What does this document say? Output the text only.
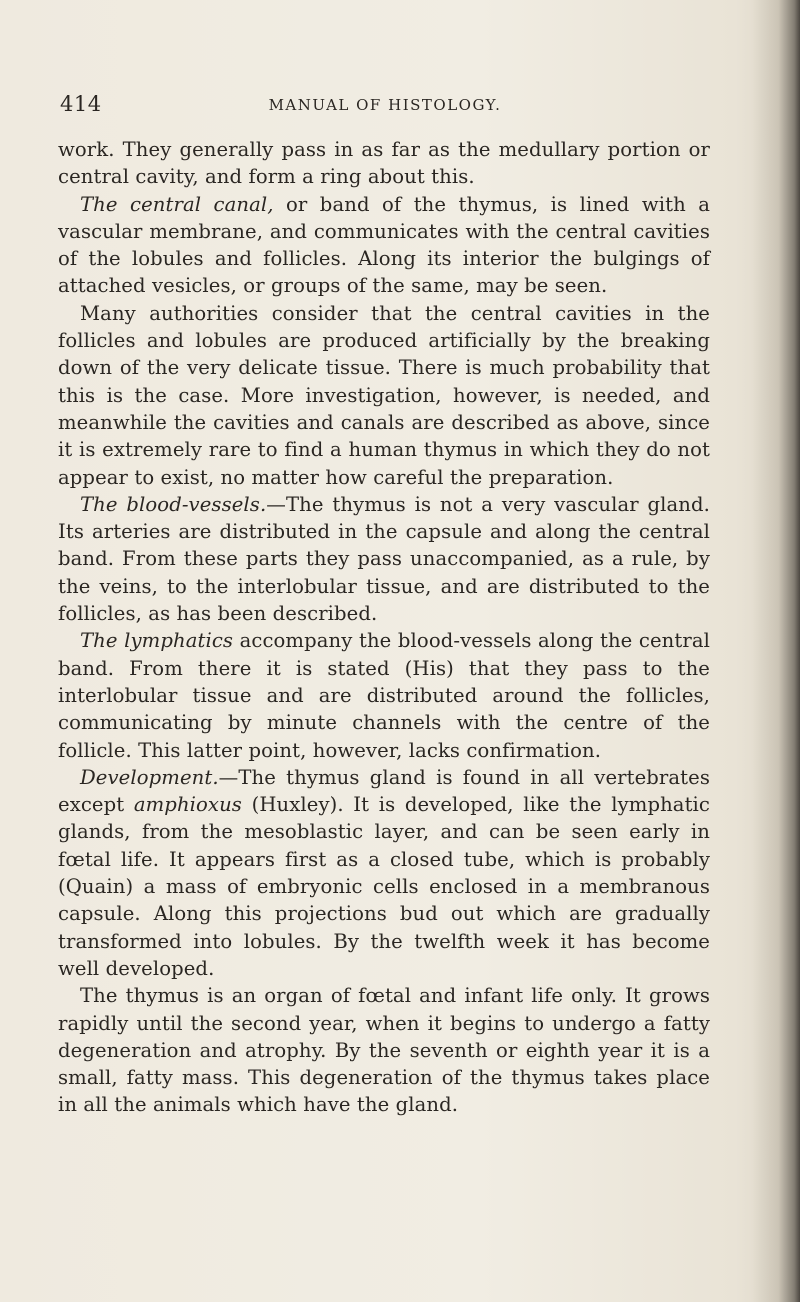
414	MANUAL OF HISTOLOGY.

work. They generally pass in as far as the medullary portion or central cavity, and form a ring about this.

The central canal, or band of the thymus, is lined with a vascular membrane, and communicates with the central cavities of the lobules and follicles. Along its interior the bulgings of attached vesicles, or groups of the same, may be seen.

Many authorities consider that the central cavities in the follicles and lobules are produced artificially by the breaking down of the very delicate tissue. There is much probability that this is the case. More investigation, however, is needed, and meanwhile the cavities and canals are described as above, since it is extremely rare to find a human thymus in which they do not appear to exist, no matter how careful the preparation.

The blood-vessels.—The thymus is not a very vascular gland. Its arteries are distributed in the capsule and along the central band. From these parts they pass unaccompanied, as a rule, by the veins, to the interlobular tissue, and are distributed to the follicles, as has been described.

The lymphatics accompany the blood-vessels along the central band. From there it is stated (His) that they pass to the interlobular tissue and are distributed around the follicles, communicating by minute channels with the centre of the follicle. This latter point, however, lacks confirmation.

Development.—The thymus gland is found in all vertebrates except amphioxus (Huxley). It is developed, like the lymphatic glands, from the mesoblastic layer, and can be seen early in fœtal life. It appears first as a closed tube, which is probably (Quain) a mass of embryonic cells enclosed in a membranous capsule. Along this projections bud out which are gradually transformed into lobules. By the twelfth week it has become well developed.

The thymus is an organ of fœtal and infant life only. It grows rapidly until the second year, when it begins to undergo a fatty degeneration and atrophy. By the seventh or eighth year it is a small, fatty mass. This degeneration of the thymus takes place in all the animals which have the gland.
